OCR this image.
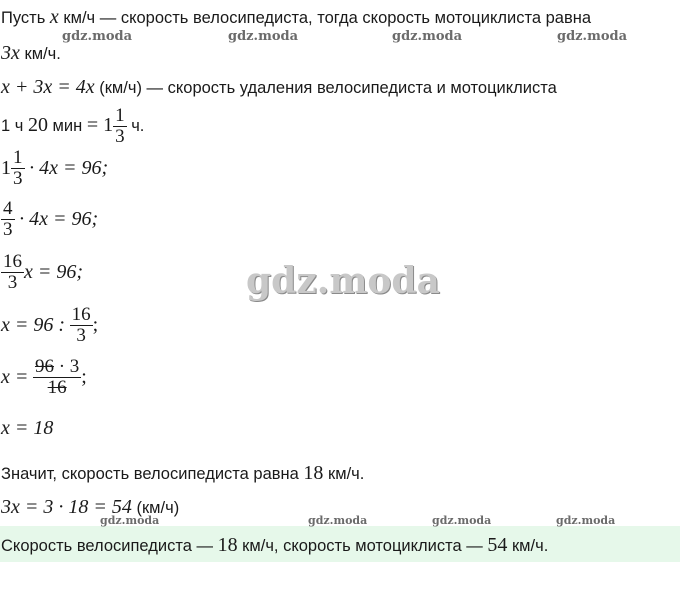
gdz.moda	gdz.moda	gdz.moda	gdz.moda
gdz.moda
Пусть x км/ч — скорость велосипедиста, тогда скорость мотоциклиста равна
3x км/ч.
x + 3x = 4x (км/ч) — скорость удаления велосипедиста и мотоциклиста
1 ч 20 мин = $1 \frac{1}{3} ч$.
$1 \frac{1}{3} \cdot 4x = 96$;
$\frac{4}{3} \cdot 4x = 96$;
$\frac{16}{3}$ x = 96;
x = 96 : $\frac{16}{3}$ ;
$x = \frac{96 \cdot 3}{16}$ ;
x = 18
Значит, скорость велосипедиста равна 18 км/ч.
3x = 3 · 18 = 54 (км/ч)
gdz.moda	gdz.moda	gdz.moda	gdz.moda
Скорость велосипедиста — 18 км/ч, скорость мотоциклиста — 54 км/ч.
